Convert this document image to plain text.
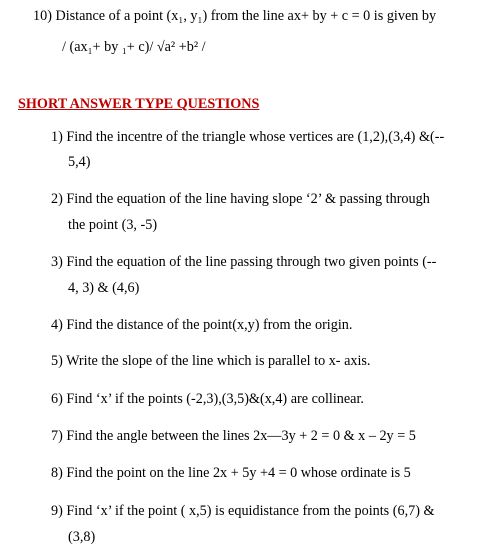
10) Distance of a point (x₁, y₁) from the line ax+ by + c = 0 is given by
/ (ax₁+ by ₁+ c)/ √a² +b² /
SHORT ANSWER TYPE QUESTIONS
1) Find the incentre of the triangle whose vertices are (1,2),(3,4) &(--
5,4)
2) Find the equation of the line having slope ‘2’ & passing through
the point (3, -5)
3) Find the equation of the line passing through two given points (--
4, 3) & (4,6)
4) Find the distance of the point(x,y) from the origin.
5) Write the slope of the line which is parallel to x- axis.
6) Find ‘x’ if the points (-2,3),(3,5)&(x,4) are collinear.
7) Find the angle between the lines 2x—3y + 2 = 0 & x – 2y = 5
8) Find the point on the line 2x + 5y +4 = 0 whose ordinate is 5
9) Find ‘x’ if the point ( x,5) is equidistance from the points (6,7) &
(3,8)
